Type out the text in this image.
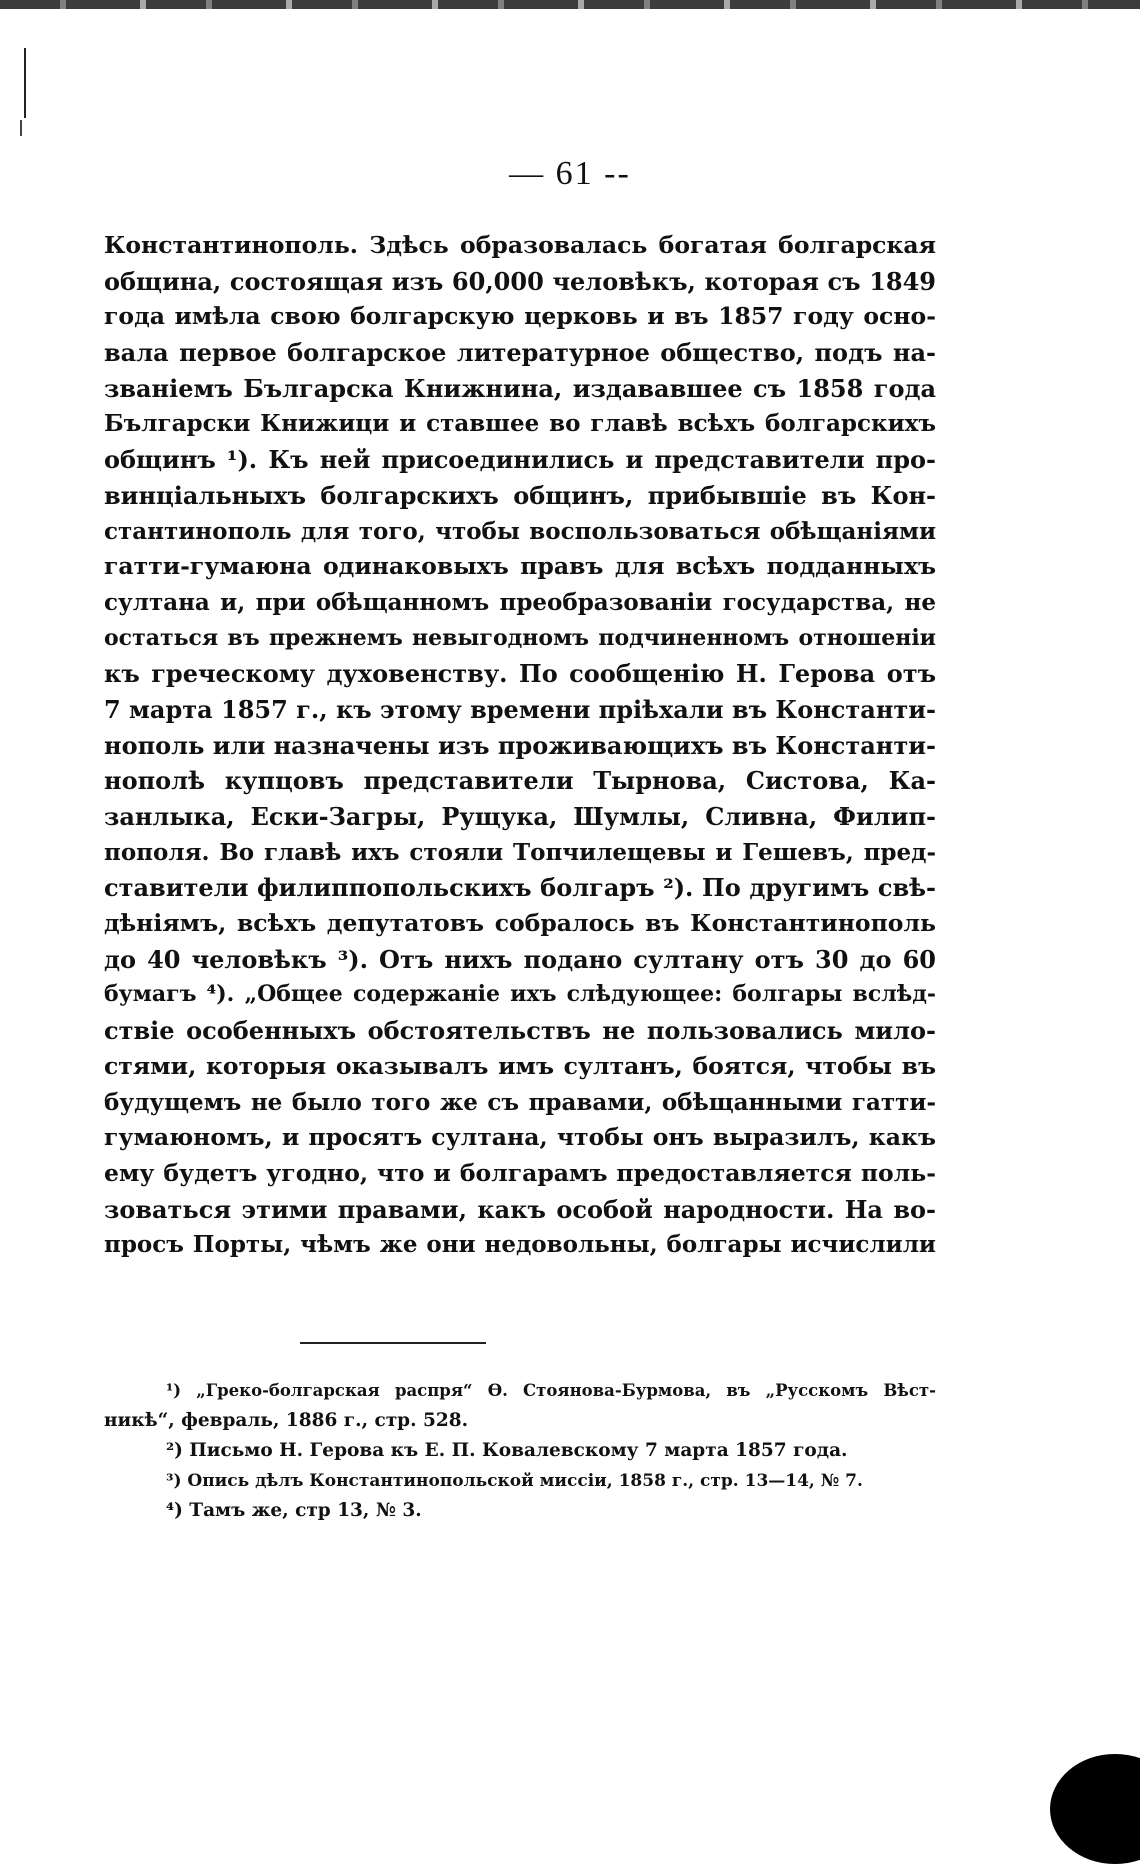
— 61 --
Константинополь. Здѣсь образовалась богатая болгарская
община, состоящая изъ 60,000 человѣкъ, которая съ 1849
года имѣла свою болгарскую церковь и въ 1857 году осно-
вала первое болгарское литературное общество, подъ на-
званіемъ Българска Книжнина, издававшее съ 1858 года
Български Книжици и ставшее во главѣ всѣхъ болгарскихъ
общинъ ¹). Къ ней присоединились и представители про-
винціальныхъ болгарскихъ общинъ, прибывшіе въ Кон-
стантинополь для того, чтобы воспользоваться обѣщаніями
гатти-гумаюна одинаковыхъ правъ для всѣхъ подданныхъ
султана и, при обѣщанномъ преобразованіи государства, не
остаться въ прежнемъ невыгодномъ подчиненномъ отношеніи
къ греческому духовенству. По сообщенію Н. Герова отъ
7 марта 1857 г., къ этому времени пріѣхали въ Константи-
нополь или назначены изъ проживающихъ въ Константи-
нополѣ купцовъ представители Тырнова, Систова, Ка-
занлыка, Ески-Загры, Рущука, Шумлы, Сливна, Филип-
пополя. Во главѣ ихъ стояли Топчилещевы и Гешевъ, пред-
ставители филиппопольскихъ болгаръ ²). По другимъ свѣ-
дѣніямъ, всѣхъ депутатовъ собралось въ Константинополь
до 40 человѣкъ ³). Отъ нихъ подано султану отъ 30 до 60
бумагъ ⁴). „Общее содержаніе ихъ слѣдующее: болгары вслѣд-
ствіе особенныхъ обстоятельствъ не пользовались мило-
стями, которыя оказывалъ имъ султанъ, боятся, чтобы въ
будущемъ не было того же съ правами, обѣщанными гатти-
гумаюномъ, и просятъ султана, чтобы онъ выразилъ, какъ
ему будетъ угодно, что и болгарамъ предоставляется поль-
зоваться этими правами, какъ особой народности. На во-
просъ Порты, чѣмъ же они недовольны, болгары исчислили
¹) „Греко-болгарская распря“ Ѳ. Стоянова-Бурмова, въ „Русскомъ Вѣст-
никѣ“, февраль, 1886 г., стр. 528.
²) Письмо Н. Герова къ Е. П. Ковалевскому 7 марта 1857 года.
³) Опись дѣлъ Константинопольской миссіи, 1858 г., стр. 13—14, № 7.
⁴) Тамъ же, стр 13, № 3.
